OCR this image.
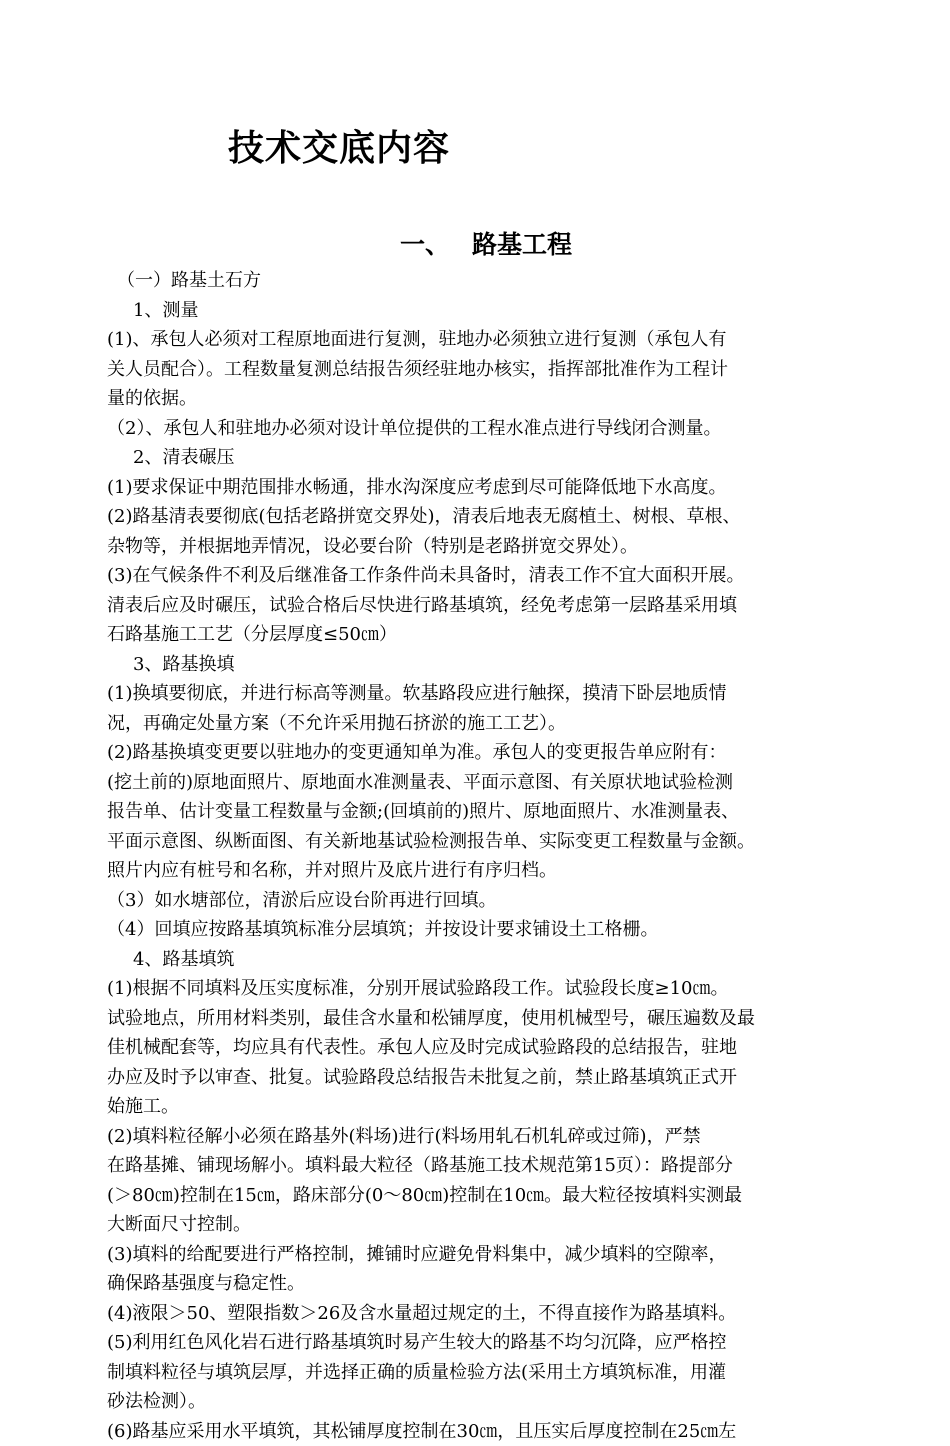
技术交底内容
一、 路基工程
（一）路基土石方
1、测量
(1)、承包人必须对工程原地面进行复测，驻地办必须独立进行复测（承包人有
关人员配合）。工程数量复测总结报告须经驻地办核实，指挥部批准作为工程计
量的依据。
（2）、承包人和驻地办必须对设计单位提供的工程水准点进行导线闭合测量。
2、清表碾压
(1)要求保证中期范围排水畅通，排水沟深度应考虑到尽可能降低地下水高度。
(2)路基清表要彻底(包括老路拼宽交界处)，清表后地表无腐植土、树根、草根、
杂物等，并根据地弄情况，设必要台阶（特别是老路拼宽交界处）。
(3)在气候条件不利及后继准备工作条件尚未具备时，清表工作不宜大面积开展。
清表后应及时碾压，试验合格后尽快进行路基填筑，经免考虑第一层路基采用填
石路基施工工艺（分层厚度≤50㎝）
3、路基换填
(1)换填要彻底，并进行标高等测量。软基路段应进行触探，摸清下卧层地质情
况，再确定处量方案（不允许采用抛石挤淤的施工工艺）。
(2)路基换填变更要以驻地办的变更通知单为准。承包人的变更报告单应附有：
(挖土前的)原地面照片、原地面水准测量表、平面示意图、有关原状地试验检测
报告单、估计变量工程数量与金额;(回填前的)照片、原地面照片、水准测量表、
平面示意图、纵断面图、有关新地基试验检测报告单、实际变更工程数量与金额。
照片内应有桩号和名称，并对照片及底片进行有序归档。
（3）如水塘部位，清淤后应设台阶再进行回填。
（4）回填应按路基填筑标准分层填筑；并按设计要求铺设土工格栅。
4、路基填筑
(1)根据不同填料及压实度标准，分别开展试验路段工作。试验段长度≥10㎝。
试验地点，所用材料类别，最佳含水量和松铺厚度，使用机械型号，碾压遍数及最
佳机械配套等，均应具有代表性。承包人应及时完成试验路段的总结报告，驻地
办应及时予以审查、批复。试验路段总结报告未批复之前，禁止路基填筑正式开
始施工。
(2)填料粒径解小必须在路基外(料场)进行(料场用轧石机轧碎或过筛)，严禁
在路基摊、铺现场解小。填料最大粒径（路基施工技术规范第15页）：路提部分
(＞80㎝)控制在15㎝，路床部分(0～80㎝)控制在10㎝。最大粒径按填料实测最
大断面尺寸控制。
(3)填料的给配要进行严格控制，摊铺时应避免骨料集中，减少填料的空隙率，
确保路基强度与稳定性。
(4)液限＞50、塑限指数＞26及含水量超过规定的土，不得直接作为路基填料。
(5)利用红色风化岩石进行路基填筑时易产生较大的路基不均匀沉降，应严格控
制填料粒径与填筑层厚，并选择正确的质量检验方法(采用土方填筑标准，用灌
砂法检测）。
(6)路基应采用水平填筑，其松铺厚度控制在30㎝，且压实后厚度控制在25㎝左
